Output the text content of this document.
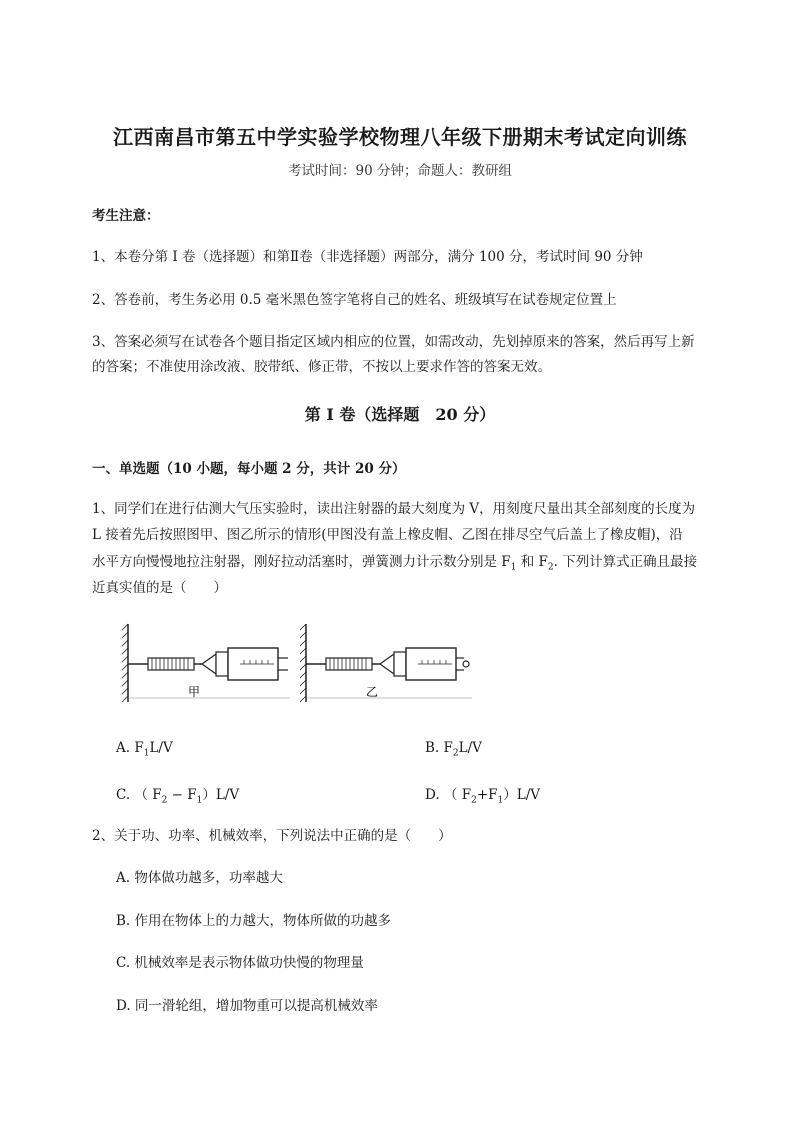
江西南昌市第五中学实验学校物理八年级下册期末考试定向训练
考试时间：90 分钟；命题人：教研组
考生注意：
1、本卷分第 I 卷（选择题）和第Ⅱ卷（非选择题）两部分，满分 100 分，考试时间 90 分钟
2、答卷前，考生务必用 0.5 毫米黑色签字笔将自己的姓名、班级填写在试卷规定位置上
3、答案必须写在试卷各个题目指定区域内相应的位置，如需改动，先划掉原来的答案，然后再写上新
的答案；不准使用涂改液、胶带纸、修正带，不按以上要求作答的答案无效。
第 I 卷（选择题　20 分）
一、单选题（10 小题，每小题 2 分，共计 20 分）
1、同学们在进行估测大气压实验时，读出注射器的最大刻度为 V，用刻度尺量出其全部刻度的长度为
L 接着先后按照图甲、图乙所示的情形(甲图没有盖上橡皮帽、乙图在排尽空气后盖上了橡皮帽)，沿
水平方向慢慢地拉注射器，刚好拉动活塞时，弹簧测力计示数分别是 $F_1$ 和 $F_2$. 下列计算式正确且最接
近真实值的是（　　）
甲	乙
A. $F_1L/V$	B. $F_2L/V$
C. （ $F_2 - F_1)L/V$	D. （ $F_2+F_1)L/V$
2、关于功、功率、机械效率，下列说法中正确的是（　　）
A. 物体做功越多，功率越大
B. 作用在物体上的力越大，物体所做的功越多
C. 机械效率是表示物体做功快慢的物理量
D. 同一滑轮组，增加物重可以提高机械效率
